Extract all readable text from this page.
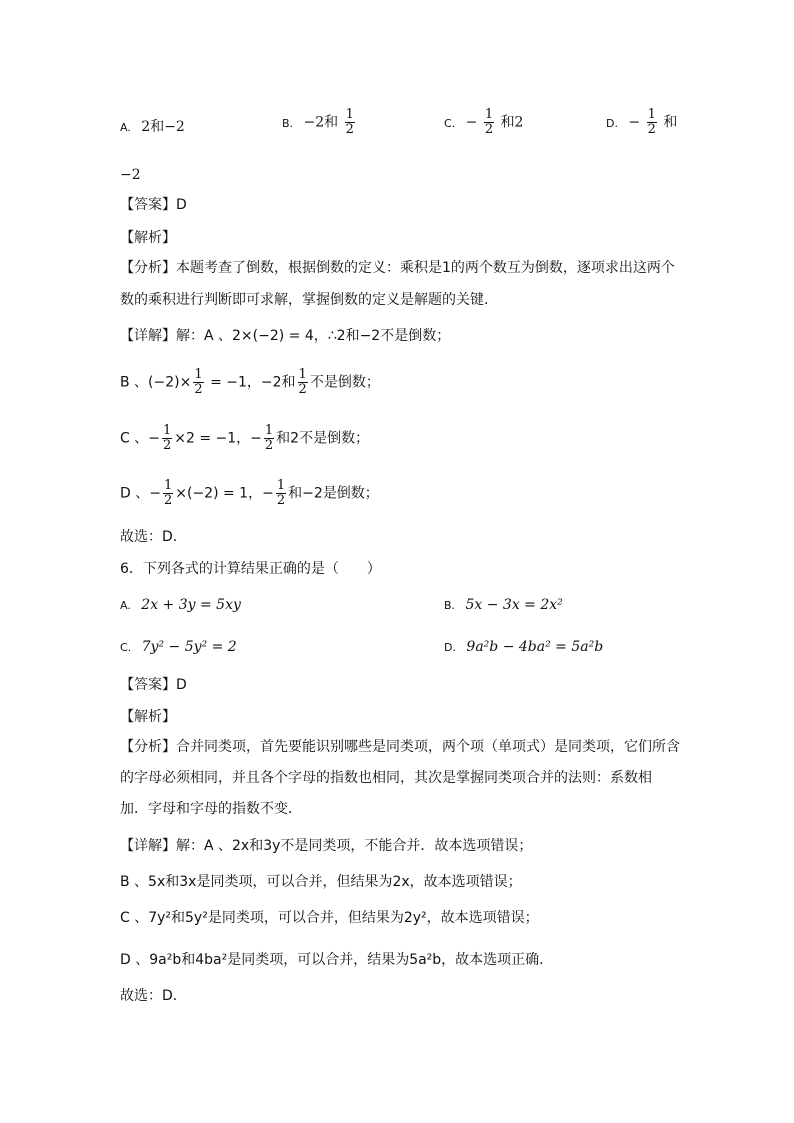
A. 2和−2	B. −2和 $\frac{1}{2}$	C. − $\frac{1}{2}$ 和2	D. − $\frac{1}{2}$ 和
−2
【答案】D
【解析】
【分析】本题考查了倒数，根据倒数的定义：乘积是1的两个数互为倒数，逐项求出这两个
数的乘积进行判断即可求解，掌握倒数的定义是解题的关键．
【详解】解：A 、2×(−2) = 4，∴2和−2不是倒数；
B 、$(-2)\times \frac{1}{2} = -1$，−2和 $\frac{1}{2}$ 不是倒数；
C 、− $\frac{1}{2} \times 2 = -1$，− $\frac{1}{2}$ 和2不是倒数；
D 、− $\frac{1}{2} \times(-2) = 1$，− $\frac{1}{2}$ 和−2是倒数；
故选：D．
6．下列各式的计算结果正确的是（　　）
A. 2x + 3y = 5xy	B. 5x − 3x = 2x²
C. 7y² − 5y² = 2	D. 9a²b − 4ba² = 5a²b
【答案】D
【解析】
【分析】合并同类项，首先要能识别哪些是同类项，两个项（单项式）是同类项，它们所含
的字母必须相同，并且各个字母的指数也相同，其次是掌握同类项合并的法则：系数相
加．字母和字母的指数不变．
【详解】解：A 、2x和3y不是同类项，不能合并．故本选项错误；
B 、5x和3x是同类项，可以合并，但结果为2x，故本选项错误；
C 、7y²和5y²是同类项，可以合并，但结果为2y²，故本选项错误；
D 、9a²b和4ba²是同类项，可以合并，结果为5a²b，故本选项正确．
故选：D．
